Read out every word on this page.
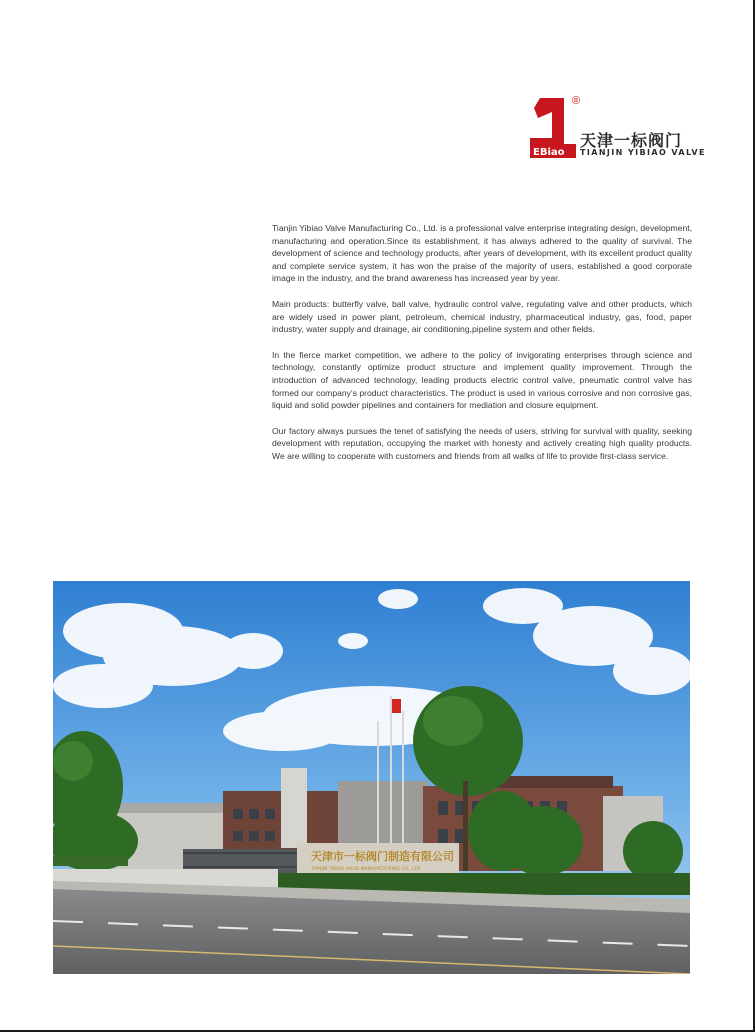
EBiao
®
天津一标阀门
TIANJIN YIBIAO VALVE

Tianjin Yibiao Valve Manufacturing Co., Ltd. is a professional valve enterprise integrating design, development, manufacturing and operation.Since its establishment, it has always adhered to the quality of survival. The development of science and technology products, after years of development, with its excellent product quality and complete service system, it has won the praise of the majority of users, established a good corporate image in the industry, and the brand awareness has increased year by year.

Main products: butterfly valve, ball valve, hydraulic control valve, regulating valve and other products, which are widely used in power plant, petroleum, chemical industry, pharmaceutical industry, gas, food, paper industry, water supply and drainage, air conditioning,pipeline system and other fields.

In the fierce market competition, we adhere to the policy of invigorating enterprises through science and technology, constantly optimize product structure and implement quality improvement. Through the introduction of advanced technology, leading products electric control valve, pneumatic control valve has formed our company's product characteristics. The product is used in various corrosive and non corrosive gas, liquid and solid powder pipelines and containers for mediation and closure equipment.

Our factory always pursues the tenet of satisfying the needs of users, striving for survival with quality, seeking development with reputation, occupying the market with honesty and actively creating high quality products. We are willing to cooperate with customers and friends from all walks of life to provide first-class service.

天津市一标阀门制造有限公司
TIANJIN YIBIAO VALVE MANUFACTURING CO., LTD.
